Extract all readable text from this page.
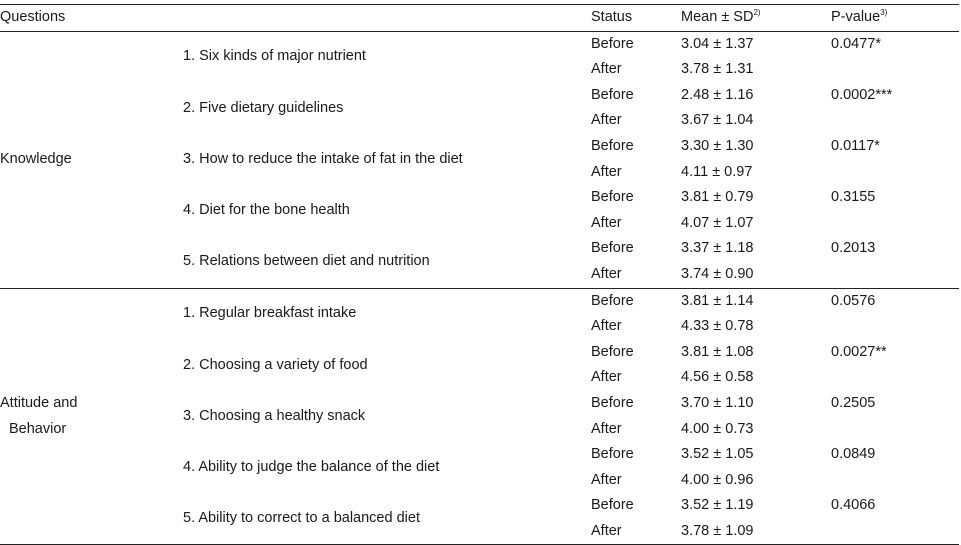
Questions		Status	Mean ± $SD^{2)}$	P-value$^{3)}$
Knowledge	1. Six kinds of major nutrient	Before	3.04 ± 1.37	0.0477*
		After	3.78 ± 1.31	
	2. Five dietary guidelines	Before	2.48 ± 1.16	0.0002***
		After	3.67 ± 1.04	
	3. How to reduce the intake of fat in the diet	Before	3.30 ± 1.30	0.0117*
		After	4.11 ± 0.97	
	4. Diet for the bone health	Before	3.81 ± 0.79	0.3155
		After	4.07 ± 1.07	
	5. Relations between diet and nutrition	Before	3.37 ± 1.18	0.2013
		After	3.74 ± 0.90	
Attitude and
Behavior	1. Regular breakfast intake	Before	3.81 ± 1.14	0.0576
		After	4.33 ± 0.78	
	2. Choosing a variety of food	Before	3.81 ± 1.08	0.0027**
		After	4.56 ± 0.58	
	3. Choosing a healthy snack	Before	3.70 ± 1.10	0.2505
		After	4.00 ± 0.73	
	4. Ability to judge the balance of the diet	Before	3.52 ± 1.05	0.0849
		After	4.00 ± 0.96	
	5. Ability to correct to a balanced diet	Before	3.52 ± 1.19	0.4066
		After	3.78 ± 1.09	
